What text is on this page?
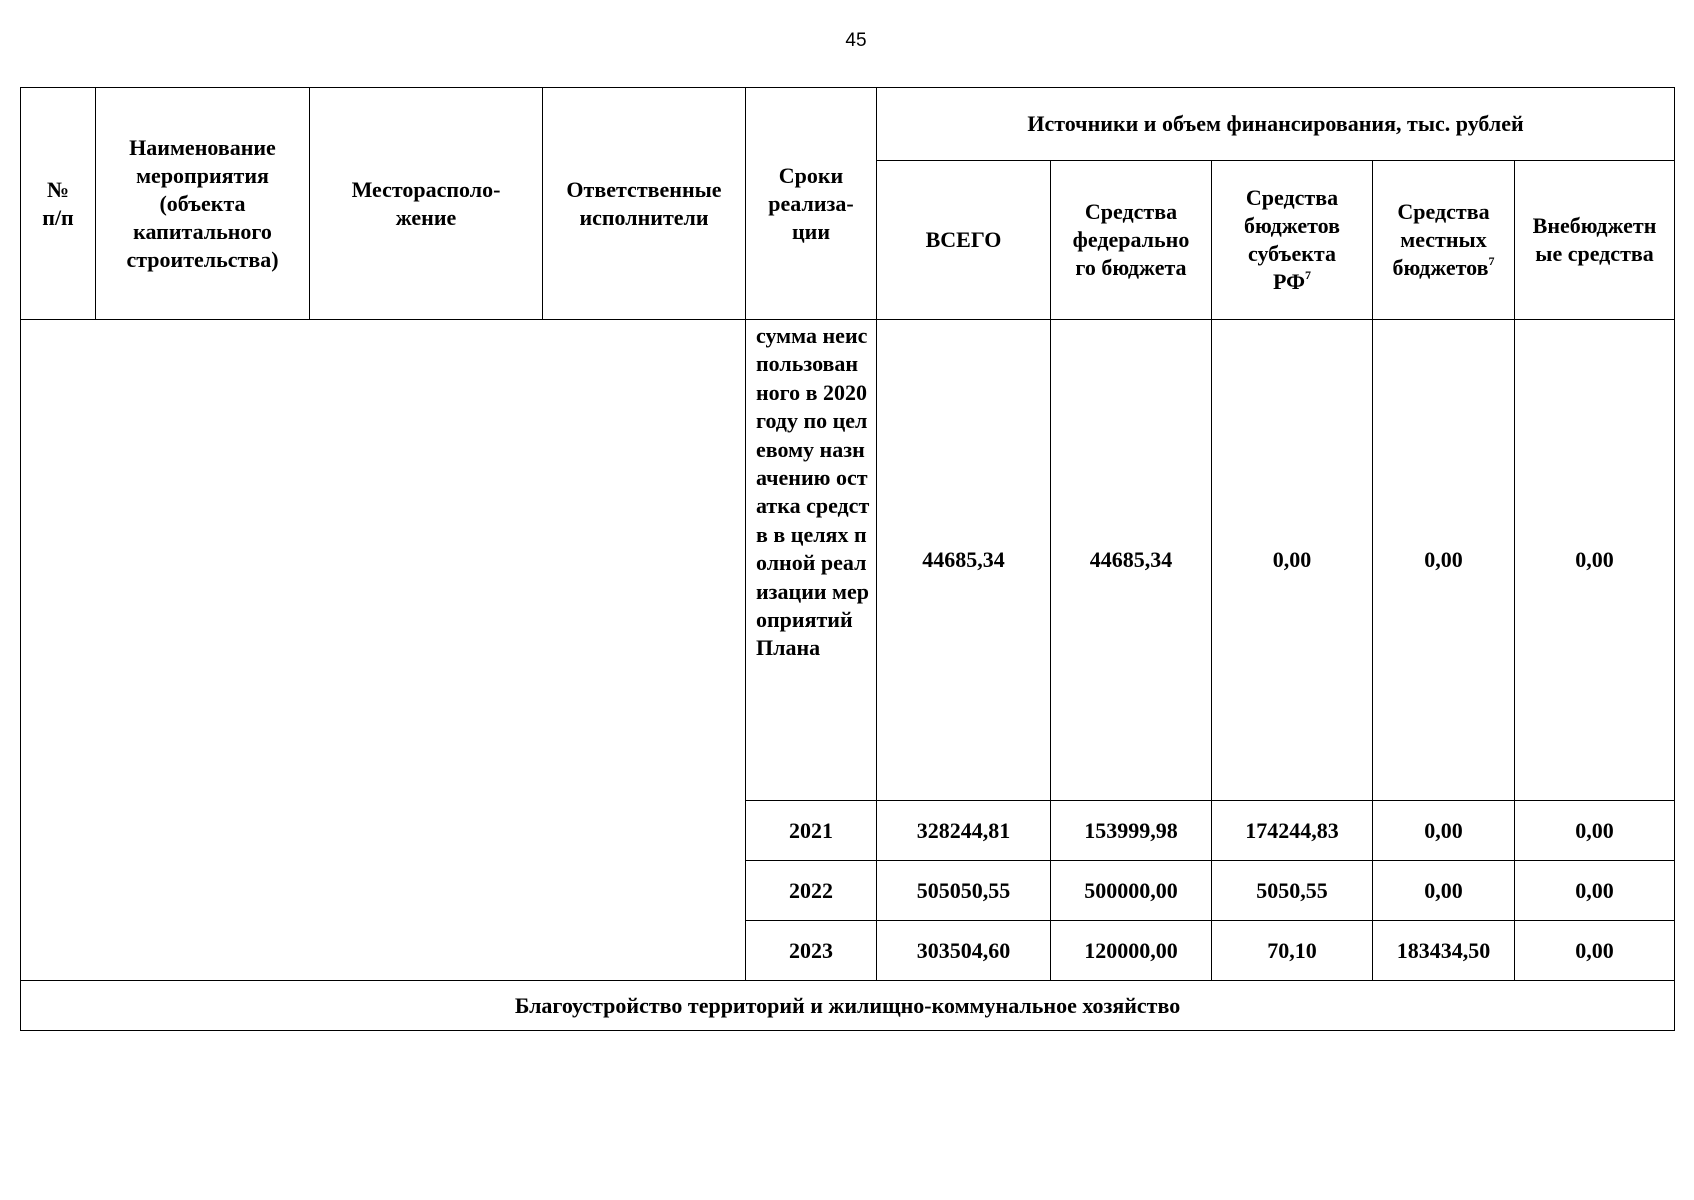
45
№ п/п	Наименование мероприятия (объекта капитального строительства)	Месторасполо-жение	Ответственные исполнители	Сроки реализа-ции	Источники и объем финансирования, тыс. рублей				
					ВСЕГО	Средства федерально го бюджета	Средства бюджетов субъекта $РФ^7$	Средства местных бюджетов$^7$	Внебюджетн ые средства

				сумма неиспользованного в 2020 году по целевому назначению остатка средств в целях полной реализации мероприятий Плана	44685,34	44685,34	0,00	0,00	0,00
				2021	328244,81	153999,98	174244,83	0,00	0,00
				2022	505050,55	500000,00	5050,55	0,00	0,00
				2023	303504,60	120000,00	70,10	183434,50	0,00
Благоустройство территорий и жилищно-коммунальное хозяйство									
